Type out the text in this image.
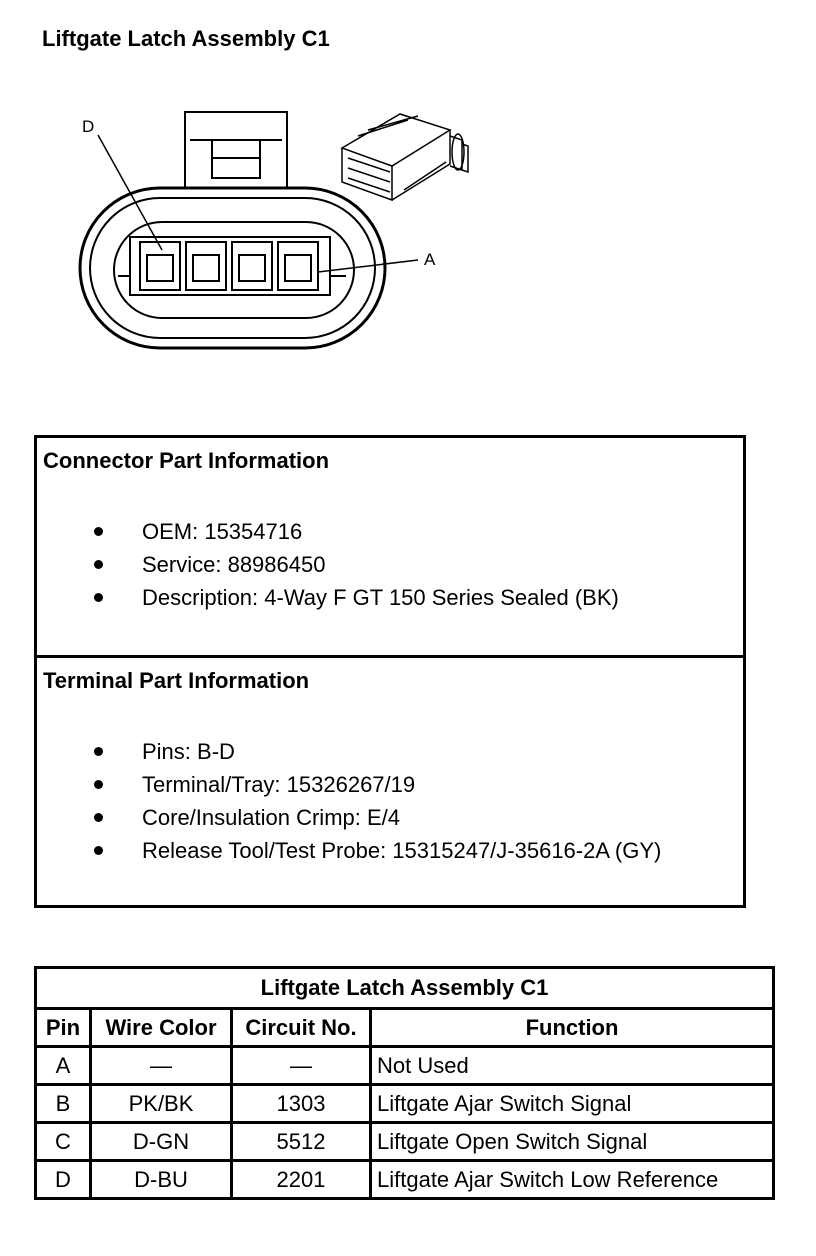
Liftgate Latch Assembly C1
D
A
Connector Part Information
OEM: 15354716
Service: 88986450
Description: 4-Way F GT 150 Series Sealed (BK)
Terminal Part Information
Pins: B-D
Terminal/Tray: 15326267/19
Core/Insulation Crimp: E/4
Release Tool/Test Probe: 15315247/J-35616-2A (GY)
Liftgate Latch Assembly C1			
Pin	Wire Color	Circuit No.	Function
A	—	—	Not Used
B	PK/BK	1303	Liftgate Ajar Switch Signal
C	D-GN	5512	Liftgate Open Switch Signal
D	D-BU	2201	Liftgate Ajar Switch Low Reference
